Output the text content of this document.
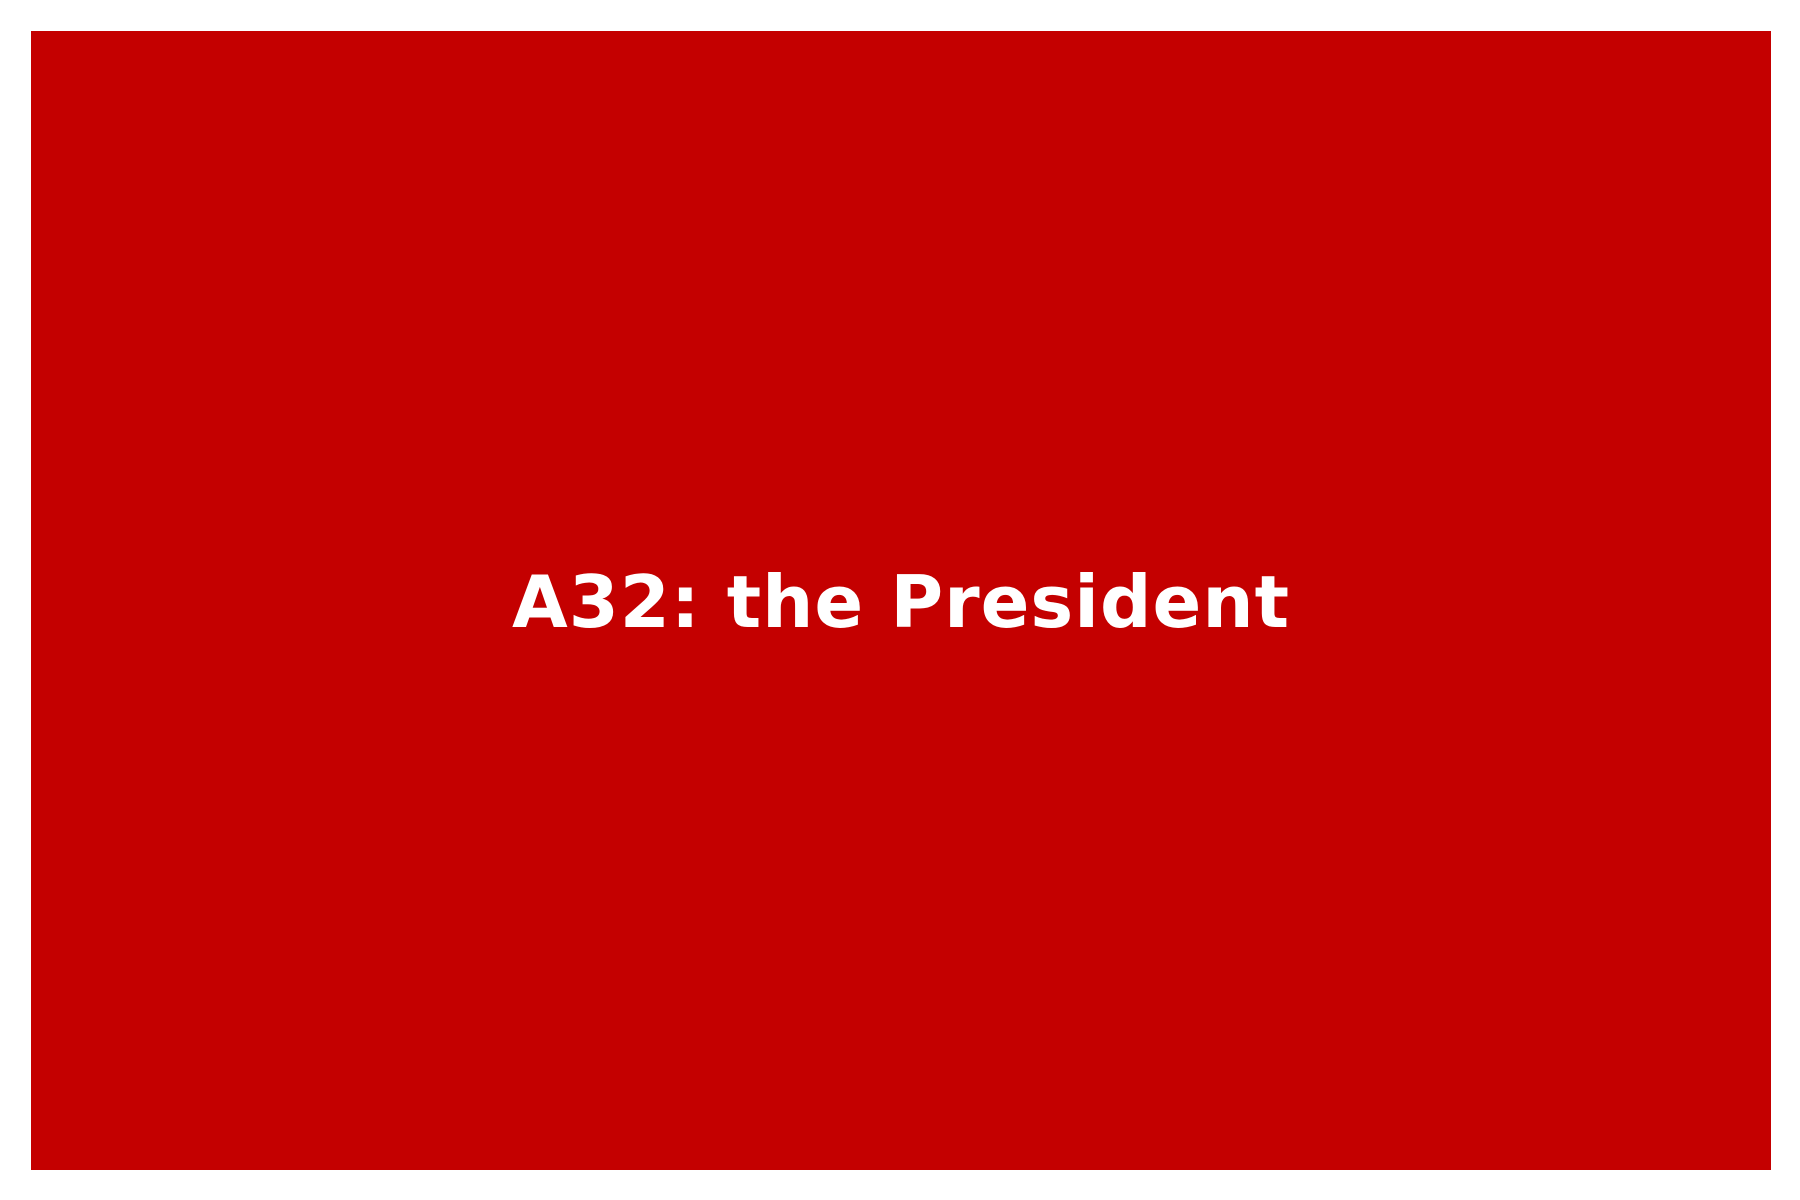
A32: the President
